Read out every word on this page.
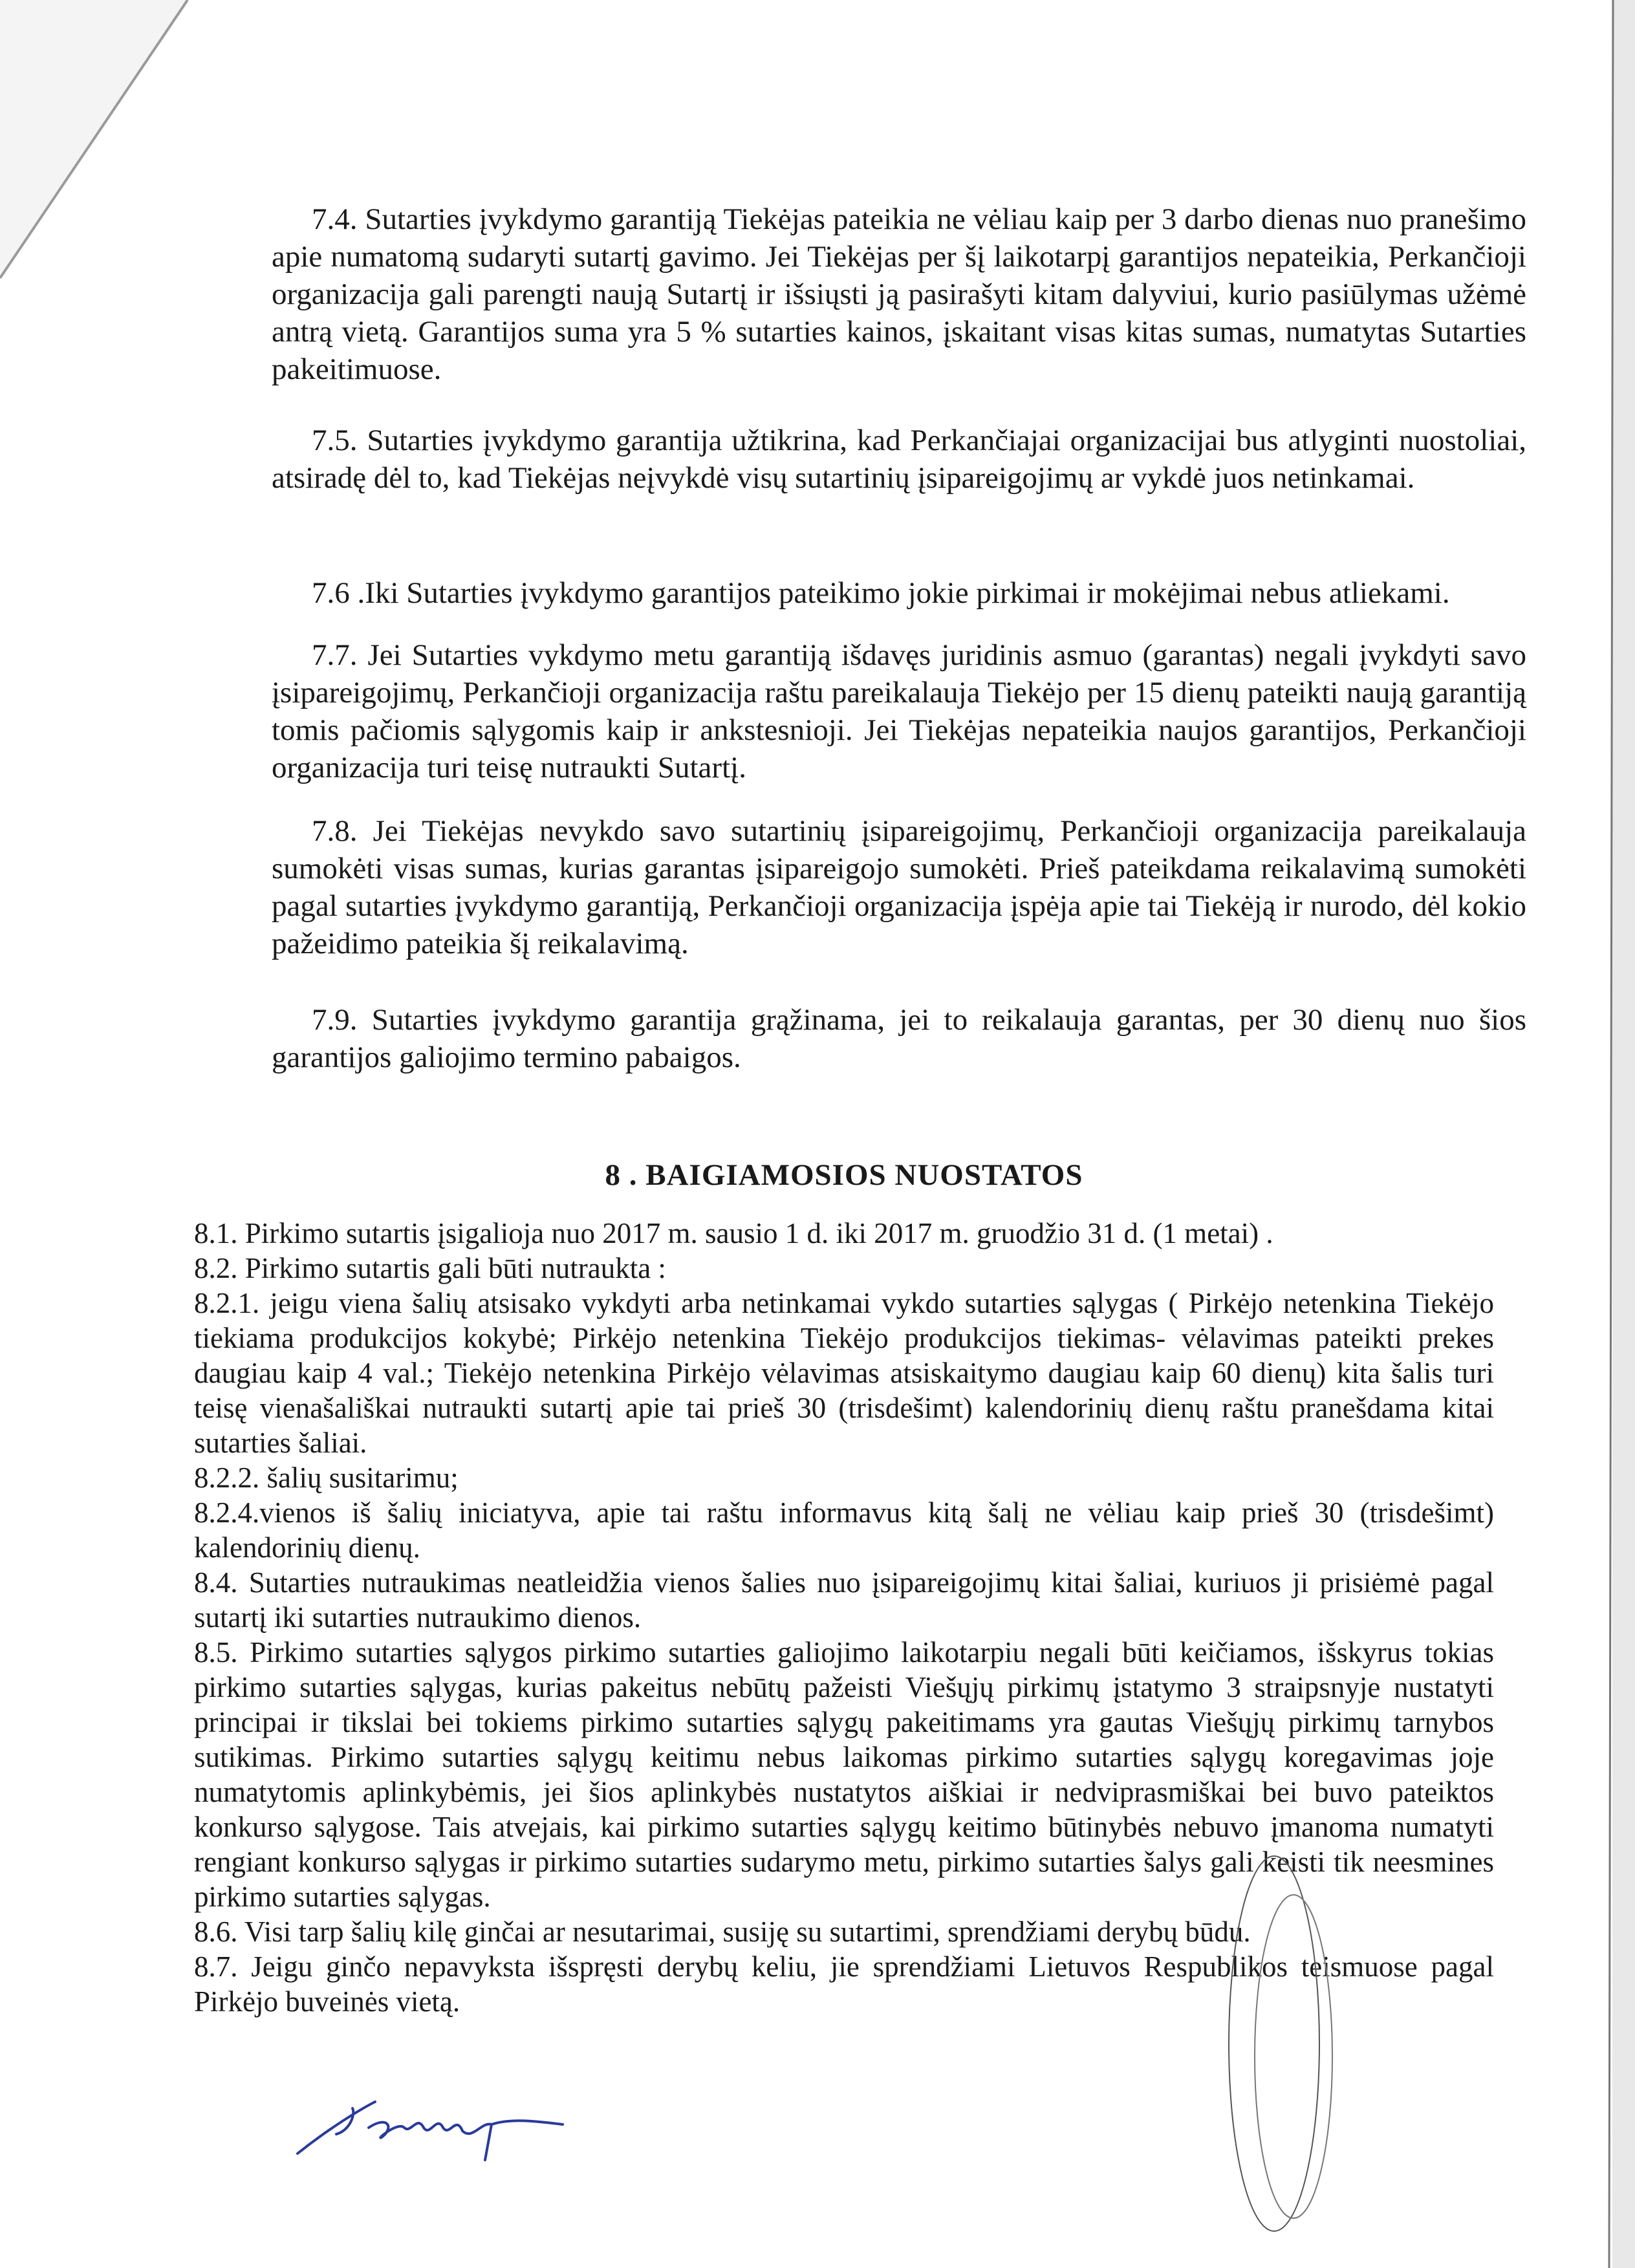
7.4. Sutarties įvykdymo garantiją Tiekėjas pateikia ne vėliau kaip per 3 darbo dienas nuo pranešimo apie numatomą sudaryti sutartį gavimo. Jei Tiekėjas per šį laikotarpį garantijos nepateikia, Perkančioji organizacija gali parengti naują Sutartį ir išsiųsti ją pasirašyti kitam dalyviui, kurio pasiūlymas užėmė antrą vietą. Garantijos suma yra 5 % sutarties kainos, įskaitant visas kitas sumas, numatytas Sutarties pakeitimuose.
7.5. Sutarties įvykdymo garantija užtikrina, kad Perkančiajai organizacijai bus atlyginti nuostoliai, atsiradę dėl to, kad Tiekėjas neįvykdė visų sutartinių įsipareigojimų ar vykdė juos netinkamai.
7.6 .Iki Sutarties įvykdymo garantijos pateikimo jokie pirkimai ir mokėjimai nebus atliekami.
7.7. Jei Sutarties vykdymo metu garantiją išdavęs juridinis asmuo (garantas) negali įvykdyti savo įsipareigojimų, Perkančioji organizacija raštu pareikalauja Tiekėjo per 15 dienų pateikti naują garantiją tomis pačiomis sąlygomis kaip ir ankstesnioji. Jei Tiekėjas nepateikia naujos garantijos, Perkančioji organizacija turi teisę nutraukti Sutartį.
7.8. Jei Tiekėjas nevykdo savo sutartinių įsipareigojimų, Perkančioji organizacija pareikalauja sumokėti visas sumas, kurias garantas įsipareigojo sumokėti. Prieš pateikdama reikalavimą sumokėti pagal sutarties įvykdymo garantiją, Perkančioji organizacija įspėja apie tai Tiekėją ir nurodo, dėl kokio pažeidimo pateikia šį reikalavimą.
7.9. Sutarties įvykdymo garantija grąžinama, jei to reikalauja garantas, per 30 dienų nuo šios garantijos galiojimo termino pabaigos.
8 . BAIGIAMOSIOS NUOSTATOS

8.1. Pirkimo sutartis įsigalioja nuo 2017 m. sausio 1 d. iki 2017 m. gruodžio 31 d. (1 metai) .

8.2. Pirkimo sutartis gali būti nutraukta :

8.2.1. jeigu viena šalių atsisako vykdyti arba netinkamai vykdo sutarties sąlygas ( Pirkėjo netenkina Tiekėjo tiekiama produkcijos kokybė; Pirkėjo netenkina Tiekėjo produkcijos tiekimas- vėlavimas pateikti prekes daugiau kaip 4 val.; Tiekėjo netenkina Pirkėjo vėlavimas atsiskaitymo daugiau kaip 60 dienų) kita šalis turi teisę vienašališkai nutraukti sutartį apie tai prieš 30 (trisdešimt) kalendorinių dienų raštu pranešdama kitai sutarties šaliai.

8.2.2. šalių susitarimu;

8.2.4.vienos iš šalių iniciatyva, apie tai raštu informavus kitą šalį ne vėliau kaip prieš 30 (trisdešimt) kalendorinių dienų.

8.4. Sutarties nutraukimas neatleidžia vienos šalies nuo įsipareigojimų kitai šaliai, kuriuos ji prisiėmė pagal sutartį iki sutarties nutraukimo dienos.

8.5. Pirkimo sutarties sąlygos pirkimo sutarties galiojimo laikotarpiu negali būti keičiamos, išskyrus tokias pirkimo sutarties sąlygas, kurias pakeitus nebūtų pažeisti Viešųjų pirkimų įstatymo 3 straipsnyje nustatyti principai ir tikslai bei tokiems pirkimo sutarties sąlygų pakeitimams yra gautas Viešųjų pirkimų tarnybos sutikimas. Pirkimo sutarties sąlygų keitimu nebus laikomas pirkimo sutarties sąlygų koregavimas joje numatytomis aplinkybėmis, jei šios aplinkybės nustatytos aiškiai ir nedviprasmiškai bei buvo pateiktos konkurso sąlygose. Tais atvejais, kai pirkimo sutarties sąlygų keitimo būtinybės nebuvo įmanoma numatyti rengiant konkurso sąlygas ir pirkimo sutarties sudarymo metu, pirkimo sutarties šalys gali keisti tik neesmines pirkimo sutarties sąlygas.

8.6. Visi tarp šalių kilę ginčai ar nesutarimai, susiję su sutartimi, sprendžiami derybų būdu.

8.7. Jeigu ginčo nepavyksta išspręsti derybų keliu, jie sprendžiami Lietuvos Respublikos teismuose pagal Pirkėjo buveinės vietą.
